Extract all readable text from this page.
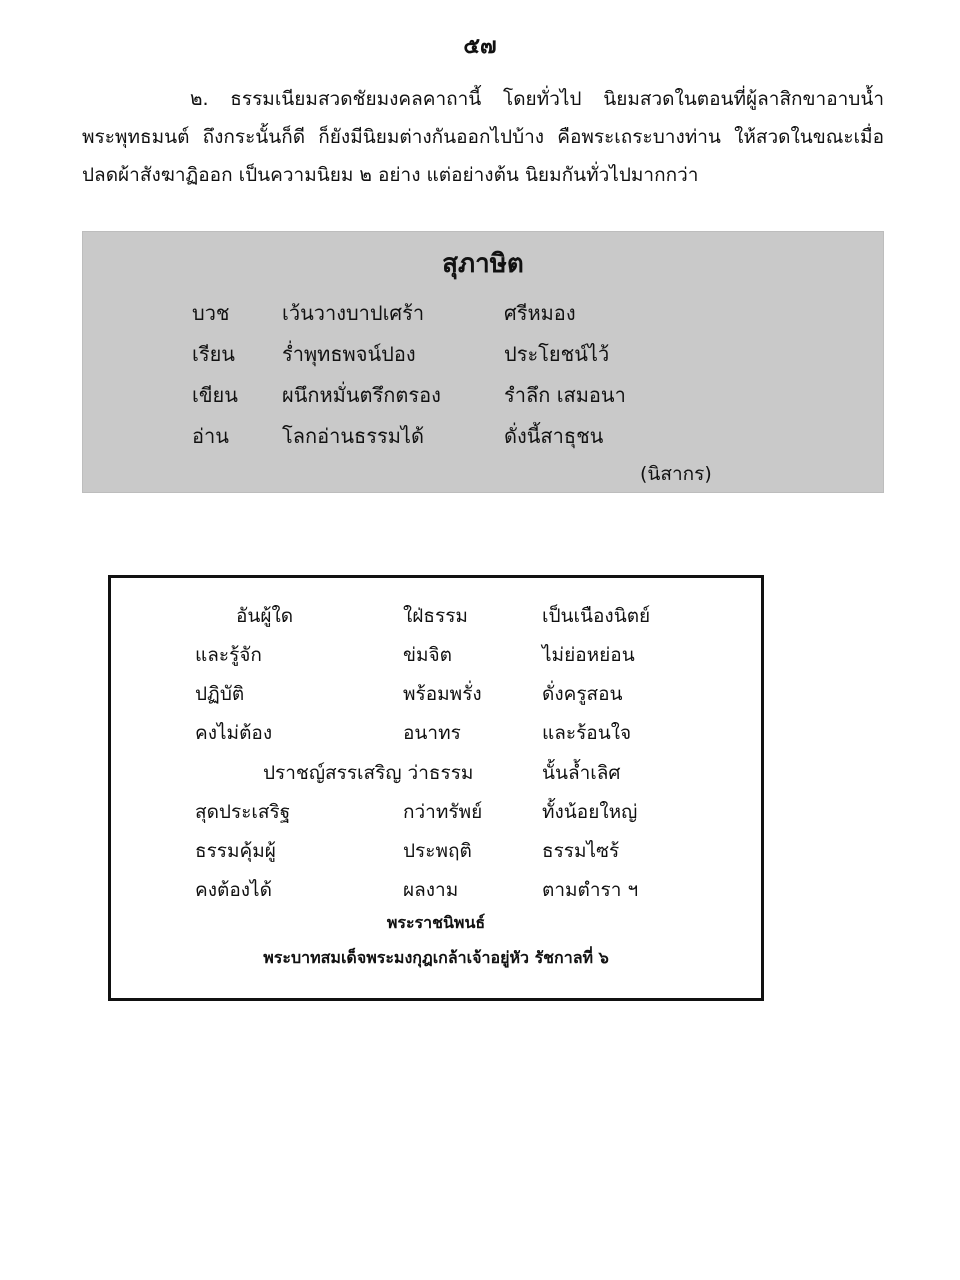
๕๗
๒. ธรรมเนียมสวดชัยมงคลคาถานี้ โดยทั่วไป นิยมสวดในตอนที่ผู้ลาสิกขาอาบน้ำพระพุทธมนต์ ถึงกระนั้นก็ดี ก็ยังมีนิยมต่างกันออกไปบ้าง คือพระเถระบางท่าน ให้สวดในขณะเมื่อปลดผ้าสังฆาฏิออก เป็นความนิยม ๒ อย่าง แต่อย่างต้น นิยมกันทั่วไปมากกว่า
สุภาษิต
บวช	เว้นวางบาปเศร้า	ศรีหมอง
เรียน ร่ำพุทธพจน์ปอง	ประโยชน์ไว้
เขียน ผนึกหมั่นตรึกตรอง	รำลึก เสมอนา
อ่าน	โลกอ่านธรรมได้	ดั่งนี้สาธุชน
(นิสากร)
อันผู้ใด	ใฝ่ธรรม	เป็นเนืองนิตย์
และรู้จัก	ข่มจิต	ไม่ย่อหย่อน
ปฏิบัติ	พร้อมพรั่ง	ดั่งครูสอน
คงไม่ต้อง	อนาทร	และร้อนใจ
ปราชญ์สรรเสริญ ว่าธรรม	นั้นล้ำเลิศ
สุดประเสริฐ	กว่าทรัพย์	ทั้งน้อยใหญ่
ธรรมคุ้มผู้	ประพฤติ	ธรรมไซร้
คงต้องได้	ผลงาม	ตามตำรา ฯ
พระราชนิพนธ์
พระบาทสมเด็จพระมงกุฎเกล้าเจ้าอยู่หัว รัชกาลที่ ๖
